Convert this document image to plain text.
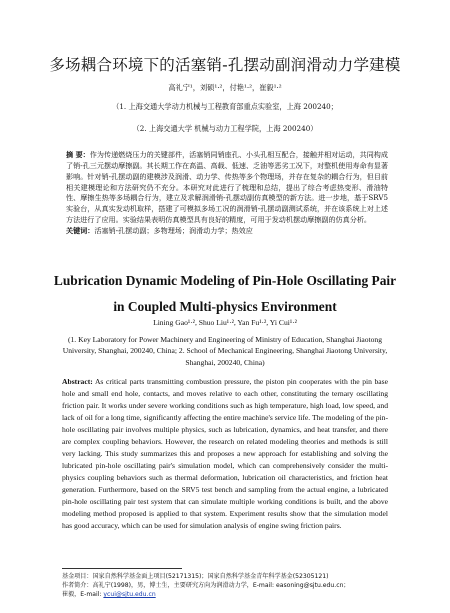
多场耦合环境下的活塞销-孔摆动副润滑动力学建模
高礼宁¹，刘硕¹·²，付艳¹·²，崔毅¹·²
（1. 上海交通大学动力机械与工程教育部重点实验室，上海 200240；
（2. 上海交通大学 机械与动力工程学院，上海 200240）
摘 要：作为传递燃烧压力的关键部件，活塞销同销座孔、小头孔相互配合，接触并相对运动，共同构成了销-孔三元摆动摩擦副。其长期工作在高温、高载、低速、乏油等恶劣工况下，对整机使用寿命有显著影响。针对销-孔摆动副的建模涉及润滑、动力学、传热等多个物理场，并存在复杂的耦合行为，但目前相关建模理论和方法研究仍不充分。本研究对此进行了梳理和总结，提出了综合考虑热变形、滑油特性、摩擦生热等多场耦合行为，建立及求解润滑销-孔摆动副仿真模型的新方法。进一步地，基于SRV5实验台，从真实发动机取样，搭建了可模拟多场工况的润滑销-孔摆动副测试系统，并在该系统上对上述方法进行了应用。实验结果表明仿真模型具有良好的精度，可用于发动机摆动摩擦副的仿真分析。
关键词：活塞销-孔摆动副；多物理场；润滑动力学；热效应
Lubrication Dynamic Modeling of Pin-Hole Oscillating Pair
in Coupled Multi-physics Environment
Lining Gao¹·², Shuo Liu¹·², Yan Fu¹·², Yi Cui¹·²
(1. Key Laboratory for Power Machinery and Engineering of Ministry of Education, Shanghai Jiaotong University, Shanghai, 200240, China; 2. School of Mechanical Engineering, Shanghai Jiaotong University, Shanghai, 200240, China)
Abstract: As critical parts transmitting combustion pressure, the piston pin cooperates with the pin base hole and small end hole, contacts, and moves relative to each other, constituting the ternary oscillating friction pair. It works under severe working conditions such as high temperature, high load, low speed, and lack of oil for a long time, significantly affecting the entire machine's service life. The modeling of the pin-hole oscillating pair involves multiple physics, such as lubrication, dynamics, and heat transfer, and there are complex coupling behaviors. However, the research on related modeling theories and methods is still very lacking. This study summarizes this and proposes a new approach for establishing and solving the lubricated pin-hole oscillating pair's simulation model, which can comprehensively consider the multi-physics coupling behaviors such as thermal deformation, lubrication oil characteristics, and friction heat generation. Furthermore, based on the SRV5 test bench and sampling from the actual engine, a lubricated pin-hole oscillating pair test system that can simulate multiple working conditions is built, and the above modeling method proposed is applied to that system. Experiment results show that the simulation model has good accuracy, which can be used for simulation analysis of engine swing friction pairs.
基金项目：国家自然科学基金面上项目(52171315)；国家自然科学基金青年科学基金(52305121)
作者简介：高礼宁(1998)，男，博士生，主要研究方向为润滑动力学，E-mail: easoning@sjtu.edu.cn；
崔毅，E-mail: ycui@sjtu.edu.cn
